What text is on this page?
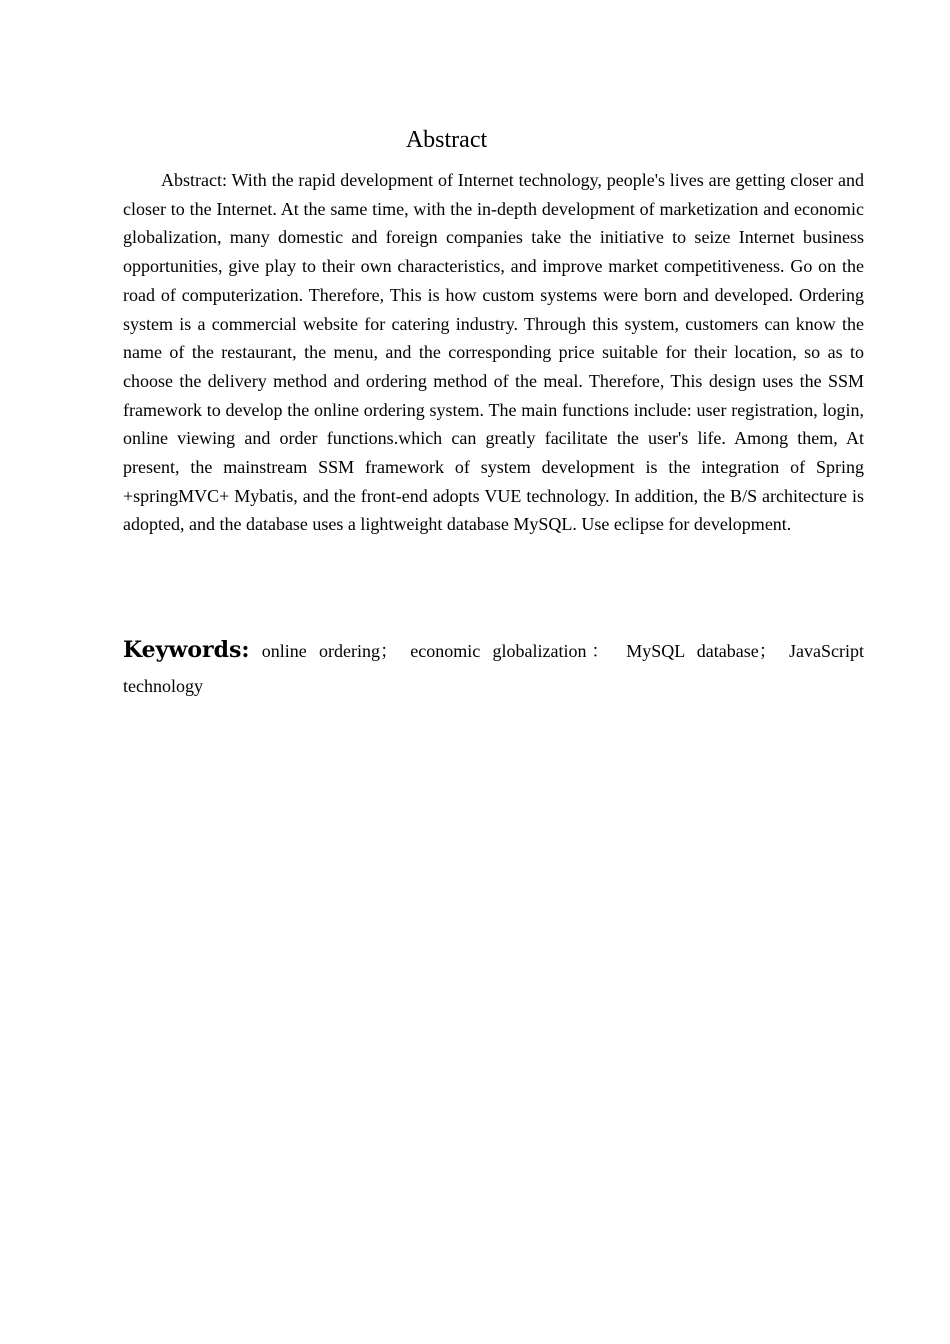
Abstract

Abstract: With the rapid development of Internet technology, people's lives are getting closer and closer to the Internet. At the same time, with the in-depth development of marketization and economic globalization, many domestic and foreign companies take the initiative to seize Internet business opportunities, give play to their own characteristics, and improve market competitiveness. Go on the road of computerization. Therefore, This is how custom systems were born and developed. Ordering system is a commercial website for catering industry. Through this system, customers can know the name of the restaurant, the menu, and the corresponding price suitable for their location, so as to choose the delivery method and ordering method of the meal. Therefore, This design uses the SSM framework to develop the online ordering system. The main functions include: user registration, login, online viewing and order functions.which can greatly facilitate the user's life. Among them, At present, the mainstream SSM framework of system development is the integration of Spring +springMVC+ Mybatis, and the front-end adopts VUE technology. In addition, the B/S architecture is adopted, and the database uses a lightweight database MySQL. Use eclipse for development.

Keywords: online ordering； economic globalization： MySQL database； JavaScript technology
